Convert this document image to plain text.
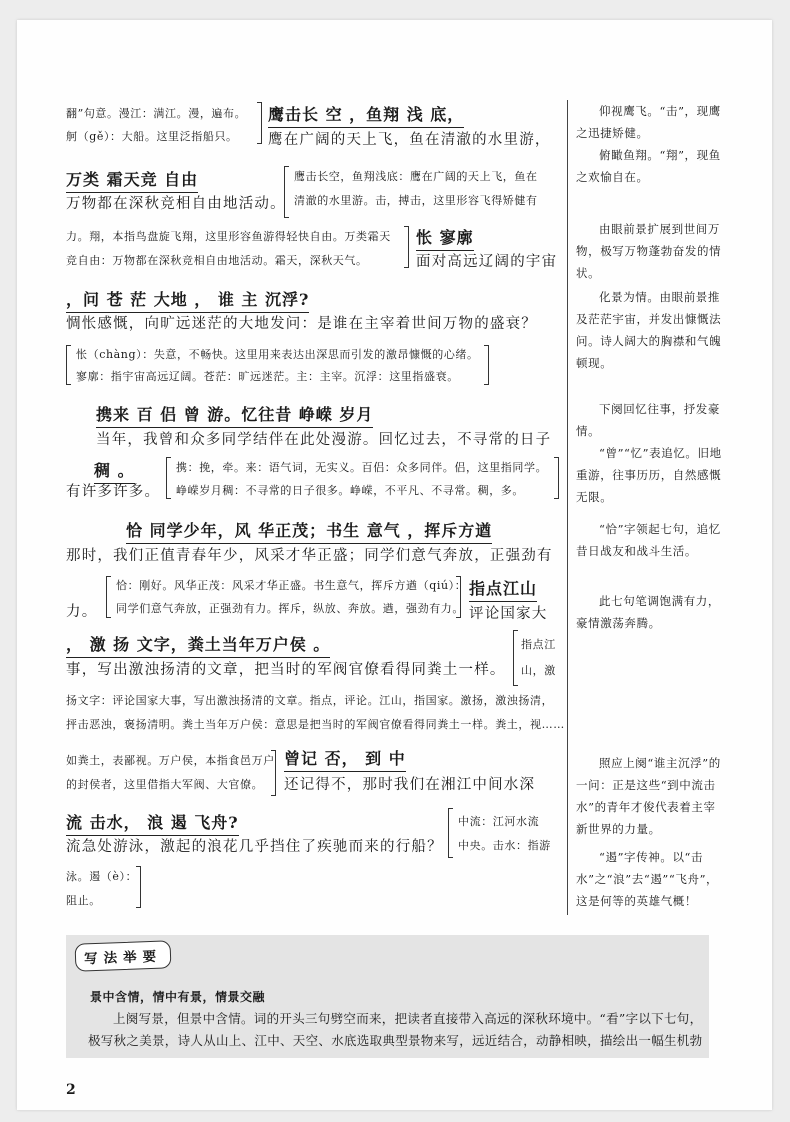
翻”句意。漫江：满江。漫，遍布。
舸（gě）：大船。这里泛指船只。
鹰击长 空 ，鱼翔 浅 底，
鹰在广阔的天上飞，鱼在清澈的水里游，
万类 霜天竞 自由	鹰击长空，鱼翔浅底：鹰在广阔的天上飞，鱼在
清澈的水里游。击，搏击，这里形容飞得矫健有
万物都在深秋竞相自由地活动。
力。翔，本指鸟盘旋飞翔，这里形容鱼游得轻快自由。万类霜天 怅 寥廓
竞自由：万物都在深秋竞相自由地活动。霜天，深秋天气。	面对高远辽阔的宇宙
，问 苍 茫 大地 ， 谁 主 沉浮?
惆怅感慨，向旷远迷茫的大地发问：是谁在主宰着世间万物的盛衰？
怅（chàng）：失意，不畅快。这里用来表达出深思而引发的激昂慷慨的心绪。
寥廓：指宇宙高远辽阔。苍茫：旷远迷茫。主：主宰。沉浮：这里指盛衰。
携来 百 侣 曾 游。忆往昔 峥嵘 岁月
当年，我曾和众多同学结伴在此处漫游。回忆过去，不寻常的日子
稠 。	携：挽，牵。来：语气词，无实义。百侣：众多同伴。侣，这里指同学。
峥嵘岁月稠：不寻常的日子很多。峥嵘，不平凡、不寻常。稠，多。
有许多许多。
恰 同学少年，风 华正茂；书生 意气 ，挥斥方遒
那时，我们正值青春年少，风采才华正盛；同学们意气奔放，正强劲有
恰：刚好。风华正茂：风采才华正盛。书生意气，挥斥方遒（qiú）：
同学们意气奔放，正强劲有力。挥斥，纵放、奔放。遒，强劲有力。
指点江山
力。	评论国家大
， 激 扬 文字，粪土当年万户侯 。
事，写出激浊扬清的文章，把当时的军阀官僚看得同粪土一样。
指点江
山，激
扬文字：评论国家大事，写出激浊扬清的文章。指点，评论。江山，指国家。激扬，激浊扬清，
抨击恶浊，褒扬清明。粪土当年万户侯：意思是把当时的军阀官僚看得同粪土一样。粪土，视……
如粪土，表鄙视。万户侯，本指食邑万户
的封侯者，这里借指大军阀、大官僚。
曾记 否， 到 中
还记得不，那时我们在湘江中间水深
流 击水， 浪 遏 飞舟?
流急处游泳，激起的浪花几乎挡住了疾驰而来的行船？
中流：江河水流
中央。击水：指游
泳。遏（è）：
阻止。

仰视鹰飞。“击”，现鹰之迅捷矫健。

俯瞰鱼翔。“翔”，现鱼之欢愉自在。

由眼前景扩展到世间万物，极写万物蓬勃奋发的情状。

化景为情。由眼前景推及茫茫宇宙，并发出慷慨法问。诗人阔大的胸襟和气魄顿现。

下阕回忆往事，抒发豪情。

“曾”“忆”表追忆。旧地重游，往事历历，自然感慨无限。

“恰”字领起七句，追忆昔日战友和战斗生活。

此七句笔调饱满有力，豪情激荡奔腾。

照应上阕“谁主沉浮”的一问：正是这些“到中流击水”的青年才俊代表着主宰新世界的力量。

“遏”字传神。以“击水”之“浪”去“遏”“飞舟”，这是何等的英雄气概！

写法举要
景中含情，情中有景，情景交融
上阕写景，但景中含情。词的开头三句劈空而来，把读者直接带入高远的深秋环境中。“看”字以下七句，极写秋之美景，诗人从山上、江中、天空、水底选取典型景物来写，远近结合，动静相映，描绘出一幅生机勃
2
